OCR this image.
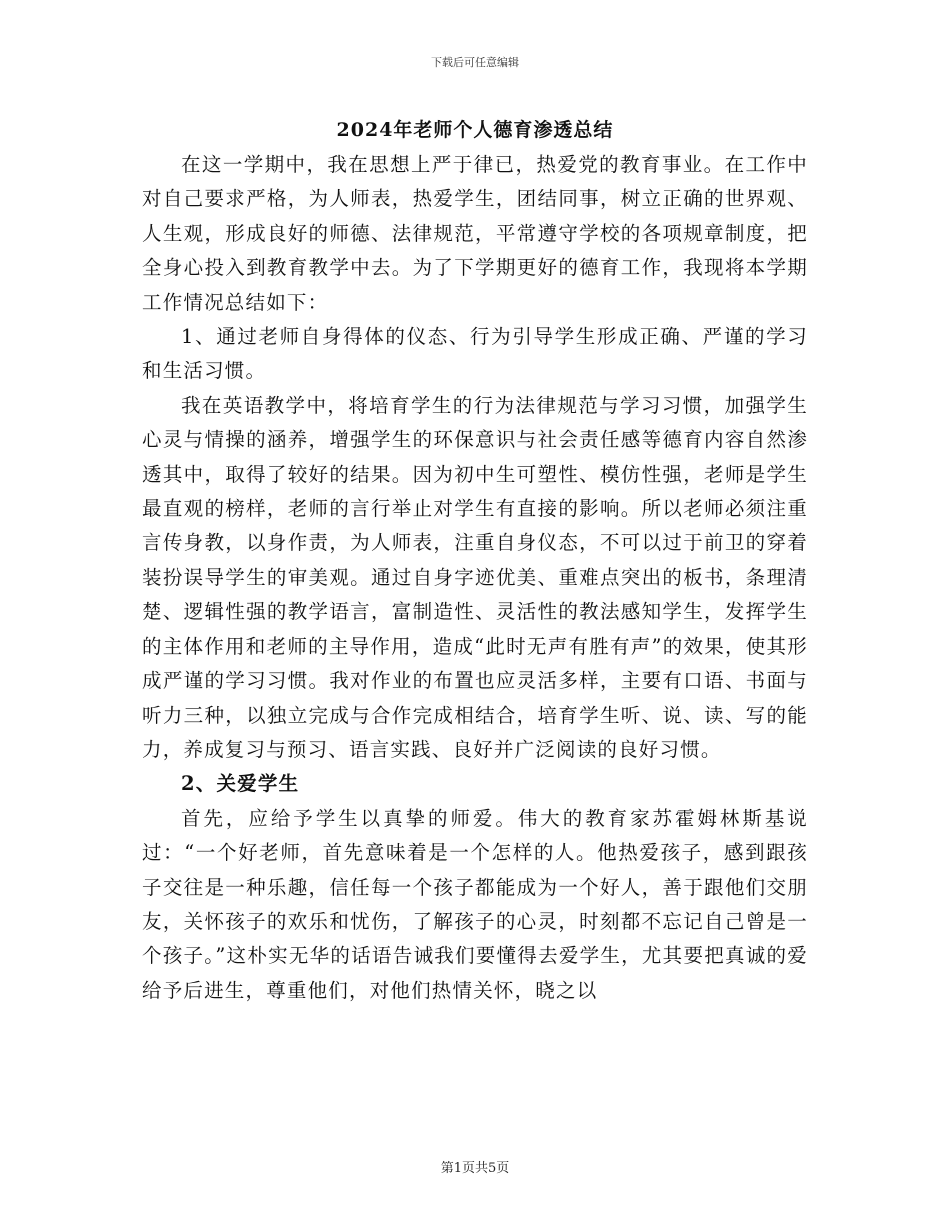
下载后可任意编辑
2024年老师个人德育渗透总结

在这一学期中，我在思想上严于律已，热爱党的教育事业。在工作中对自己要求严格，为人师表，热爱学生，团结同事，树立正确的世界观、人生观，形成良好的师德、法律规范，平常遵守学校的各项规章制度，把全身心投入到教育教学中去。为了下学期更好的德育工作，我现将本学期工作情况总结如下：

1、通过老师自身得体的仪态、行为引导学生形成正确、严谨的学习和生活习惯。

我在英语教学中，将培育学生的行为法律规范与学习习惯，加强学生心灵与情操的涵养，增强学生的环保意识与社会责任感等德育内容自然渗透其中，取得了较好的结果。因为初中生可塑性、模仿性强，老师是学生最直观的榜样，老师的言行举止对学生有直接的影响。所以老师必须注重言传身教，以身作责，为人师表，注重自身仪态，不可以过于前卫的穿着装扮误导学生的审美观。通过自身字迹优美、重难点突出的板书，条理清楚、逻辑性强的教学语言，富制造性、灵活性的教法感知学生，发挥学生的主体作用和老师的主导作用，造成“此时无声有胜有声”的效果，使其形成严谨的学习习惯。我对作业的布置也应灵活多样，主要有口语、书面与听力三种，以独立完成与合作完成相结合，培育学生听、说、读、写的能力，养成复习与预习、语言实践、良好并广泛阅读的良好习惯。

2、关爱学生

首先，应给予学生以真挚的师爱。伟大的教育家苏霍姆林斯基说过：“一个好老师，首先意味着是一个怎样的人。他热爱孩子，感到跟孩子交往是一种乐趣，信任每一个孩子都能成为一个好人，善于跟他们交朋友，关怀孩子的欢乐和忧伤，了解孩子的心灵，时刻都不忘记自己曾是一个孩子。”这朴实无华的话语告诫我们要懂得去爱学生，尤其要把真诚的爱给予后进生，尊重他们，对他们热情关怀，晓之以

第1页共5页
